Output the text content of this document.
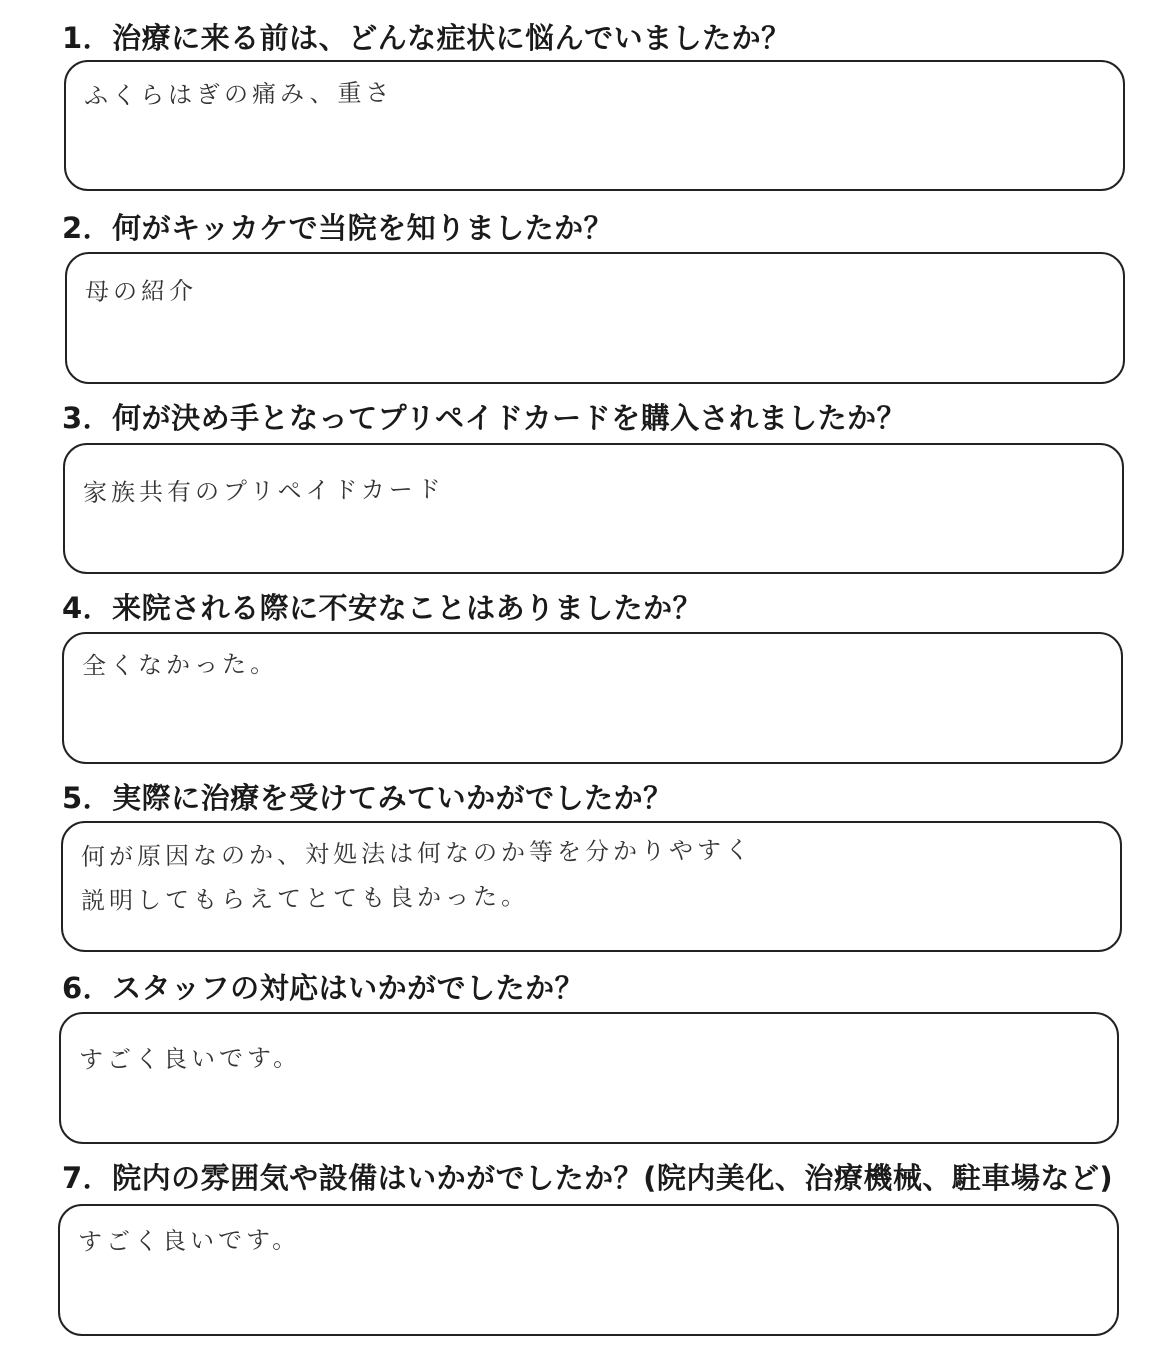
1．治療に来る前は、どんな症状に悩んでいましたか？
ふくらはぎの痛み、重さ
2．何がキッカケで当院を知りましたか？
母の紹介
3．何が決め手となってプリペイドカードを購入されましたか？
家族共有のプリペイドカード
4．来院される際に不安なことはありましたか？
全くなかった。
5．実際に治療を受けてみていかがでしたか？
何が原因なのか、対処法は何なのか等を分かりやすく
説明してもらえてとても良かった。
6．スタッフの対応はいかがでしたか？
すごく良いです。
7．院内の雰囲気や設備はいかがでしたか？(院内美化、治療機械、駐車場など)
すごく良いです。
